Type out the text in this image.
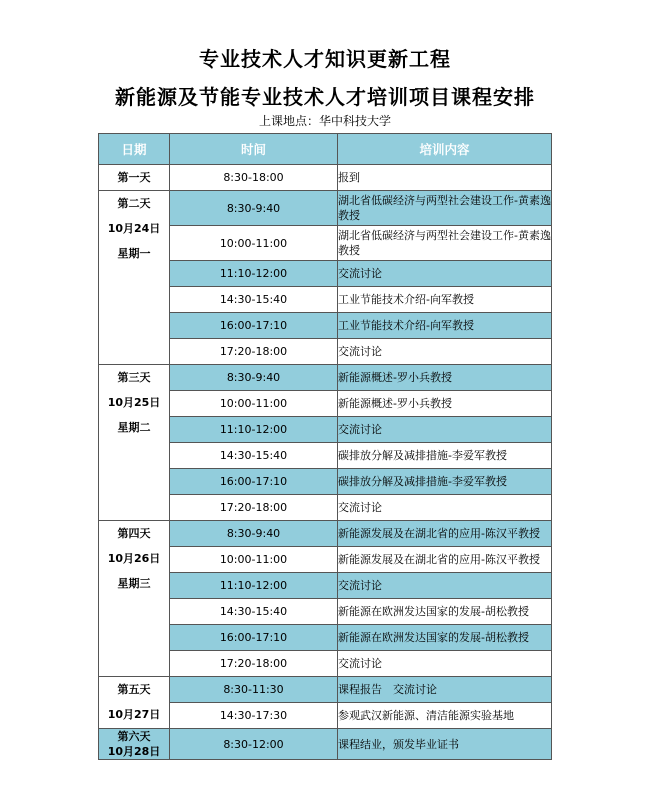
专业技术人才知识更新工程
新能源及节能专业技术人才培训项目课程安排
上课地点：华中科技大学
日期	时间	培训内容

第一天	8:30-18:00	报到

第二天
10月24日
星期一	8:30-9:40	湖北省低碳经济与两型社会建设工作-黄素逸教授
	10:00-11:00	湖北省低碳经济与两型社会建设工作-黄素逸教授
	11:10-12:00	交流讨论
	14:30-15:40	工业节能技术介绍-向军教授
	16:00-17:10	工业节能技术介绍-向军教授
	17:20-18:00	交流讨论

第三天
10月25日
星期二	8:30-9:40	新能源概述-罗小兵教授
	10:00-11:00	新能源概述-罗小兵教授
	11:10-12:00	交流讨论
	14:30-15:40	碳排放分解及减排措施-李爱军教授
	16:00-17:10	碳排放分解及减排措施-李爱军教授
	17:20-18:00	交流讨论

第四天
10月26日
星期三	8:30-9:40	新能源发展及在湖北省的应用-陈汉平教授
	10:00-11:00	新能源发展及在湖北省的应用-陈汉平教授
	11:10-12:00	交流讨论
	14:30-15:40	新能源在欧洲发达国家的发展-胡松教授
	16:00-17:10	新能源在欧洲发达国家的发展-胡松教授
	17:20-18:00	交流讨论

第五天
10月27日	8:30-11:30	课程报告　交流讨论
	14:30-17:30	参观武汉新能源、清洁能源实验基地

第六天
10月28日	8:30-12:00	课程结业，颁发毕业证书
